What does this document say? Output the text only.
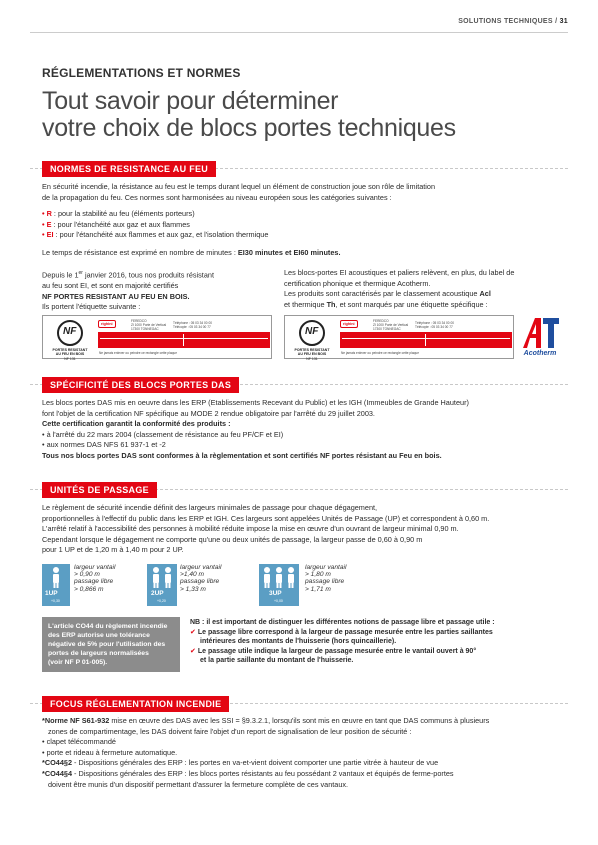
SOLUTIONS TECHNIQUES / 31
RÉGLEMENTATIONS ET NORMES
Tout savoir pour déterminer
votre choix de blocs portes techniques
NORMES DE RESISTANCE AU FEU
En sécurité incendie, la résistance au feu est le temps durant lequel un élément de construction joue son rôle de limitation
de la propagation du feu. Ces normes sont harmonisées au niveau européen sous les catégories suivantes :
• R : pour la stabilité au feu (éléments porteurs)
• E : pour l'étanchéité aux gaz et aux flammes
• EI : pour l'étanchéité aux flammes et aux gaz, et l'isolation thermique
Le temps de résistance est exprimé en nombre de minutes : EI30 minutes et EI60 minutes.
Depuis le 1er janvier 2016, tous nos produits résistant
au feu sont EI, et sont en majorité certifiés
NF PORTES RESISTANT AU FEU EN BOIS.
Ils portent l'étiquette suivante :
Les blocs-portes EI acoustiques et paliers relèvent, en plus, du label de
certification phonique et thermique Acotherm.
Les produits sont caractérisés par le classement acoustique Acl
et thermique Th, et sont marqués par une étiquette spécifique :
NF
PORTES RESISTANT
AU FEU EN BOIS
NF 131
righini
FEREDCO
ZI 1000 Porte de Vertical
17300 TONNEGAC
Téléphone : 05 03 34 00 00
Télécopie : 05 03 34 00 77
Ne jamais enlever ou peindre ce rectangle cette plaque
NF
PORTES RESISTANT
AU FEU EN BOIS
NF 131
righini
FEREDCO
ZI 1000 Porte de Vertical
17300 TONNEGAC
Téléphone : 05 03 34 00 00
Télécopie : 05 03 34 00 77
Ne jamais enlever ou peindre ce rectangle cette plaque	Acotherm
SPÉCIFICITÉ DES BLOCS PORTES DAS
Les blocs portes DAS mis en oeuvre dans les ERP (Etablissements Recevant du Public) et les IGH (Immeubles de Grande Hauteur)
font l'objet de la certification NF spécifique au MODE 2 rendue obligatoire par l'arrêté du 29 juillet 2003.
Cette certification garantit la conformité des produits :
• à l'arrêté du 22 mars 2004 (classement de résistance au feu PF/CF et EI)
• aux normes DAS NFS 61 937-1 et -2
Tous nos blocs portes DAS sont conformes à la règlementation et sont certifiés NF portes résistant au Feu en bois.
UNITÉS DE PASSAGE
Le règlement de sécurité incendie définit des largeurs minimales de passage pour chaque dégagement,
proportionnelles à l'effectif du public dans les ERP et IGH. Ces largeurs sont appelées Unités de Passage (UP) et correspondent à 0,60 m.
L'arrêté relatif à l'accessibilité des personnes à mobilité réduite impose la mise en œuvre d'un ouvrant de largeur minimal 0,90 m.
Cependant lorsque le dégagement ne comporte qu'une ou deux unités de passage, la largeur passe de 0,60 à 0,90 m
pour 1 UP et de 1,20 m à 1,40 m pour 2 UP.
1UP
+0,30
largeur vantail
> 0,90 m
passage libre
> 0,866 m
2UP
+0,20
largeur vantail
>1,40 m
passage libre
> 1,33 m
3UP
+0,00
largeur vantail
> 1,80 m
passage libre
> 1,71 m
L'article CO44 du règlement incendie
des ERP autorise une tolérance
négative de 5% pour l'utilisation des
portes de largeurs normalisées
(voir NF P 01-005).
NB : il est important de distinguer les différentes notions de passage libre et passage utile :
✔ Le passage libre correspond à la largeur de passage mesurée entre les parties saillantes
intérieures des montants de l'huisserie (hors quincaillerie).
✔ Le passage utile indique la largeur de passage mesurée entre le vantail ouvert à 90°
et la partie saillante du montant de l'huisserie.
FOCUS RÉGLEMENTATION INCENDIE
*Norme NF S61-932 mise en œuvre des DAS avec les SSI = §9.3.2.1, lorsqu'ils sont mis en œuvre en tant que DAS communs à plusieurs
zones de compartimentage, les DAS doivent faire l'objet d'un report de signalisation de leur position de sécurité :
• clapet télécommandé
• porte et rideau à fermeture automatique.
*CO44§2 - Dispositions générales des ERP : les portes en va-et-vient doivent comporter une partie vitrée à hauteur de vue
*CO44§4 - Dispositions générales des ERP : les blocs portes résistants au feu possédant 2 vantaux et équipés de ferme-portes
doivent être munis d'un dispositif permettant d'assurer la fermeture complète de ces vantaux.
